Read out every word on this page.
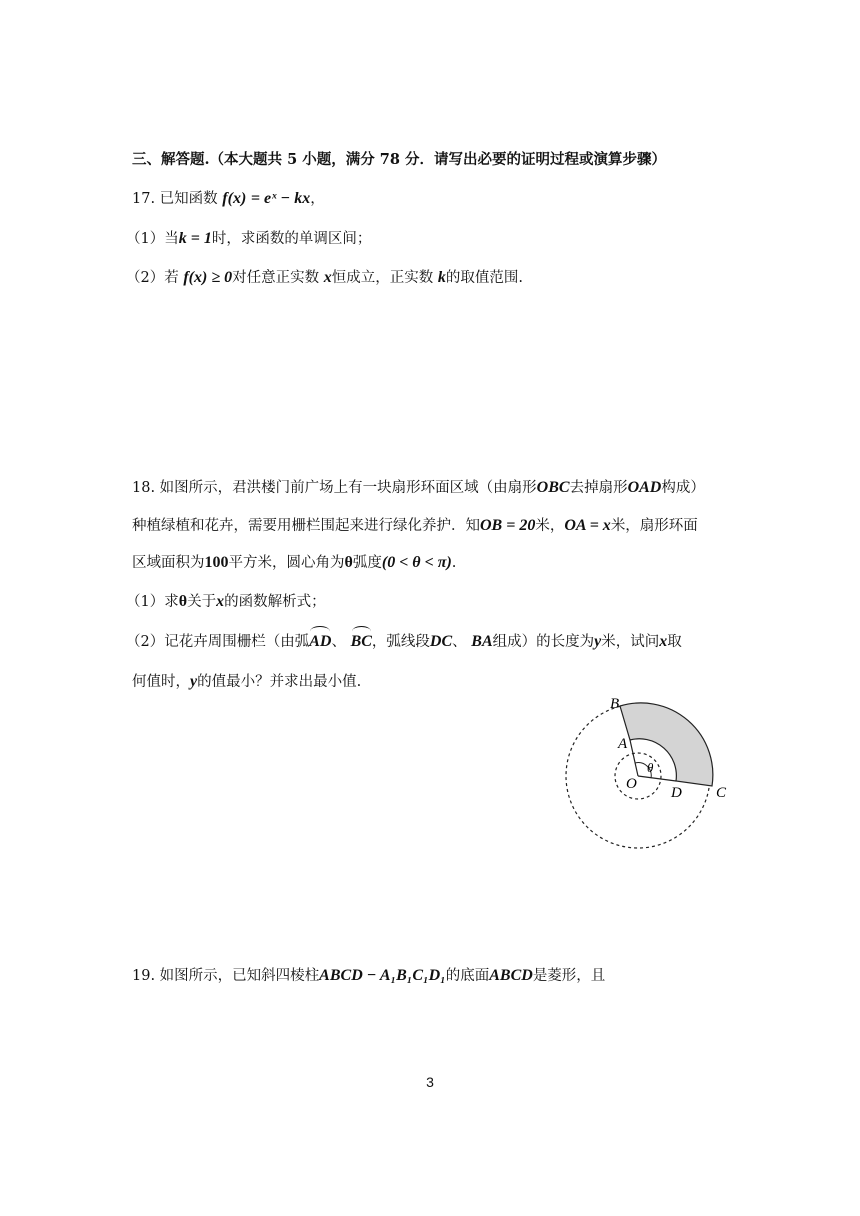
三、解答题.（本大题共 5 小题，满分 78 分．请写出必要的证明过程或演算步骤）
17. 已知函数 f(x) = eˣ − kx，
（1）当k = 1时，求函数的单调区间；
（2）若 f(x) ≥ 0对任意正实数 x恒成立，正实数 k的取值范围.
18. 如图所示，君洪楼门前广场上有一块扇形环面区域（由扇形OBC去掉扇形OAD构成）
种植绿植和花卉，需要用栅栏围起来进行绿化养护．知OB = 20米，OA = x米，扇形环面
区域面积为100平方米，圆心角为θ弧度(0 < θ < π).
（1）求θ关于x的函数解析式；
（2）记花卉周围栅栏（由弧AD、 BC，弧线段DC、 BA组成）的长度为y米，试问x取
何值时，y的值最小？并求出最小值.
B
A
O
D C
θ
19. 如图所示，已知斜四棱柱ABCD − A₁B₁C₁D₁的底面ABCD是菱形，且
3
